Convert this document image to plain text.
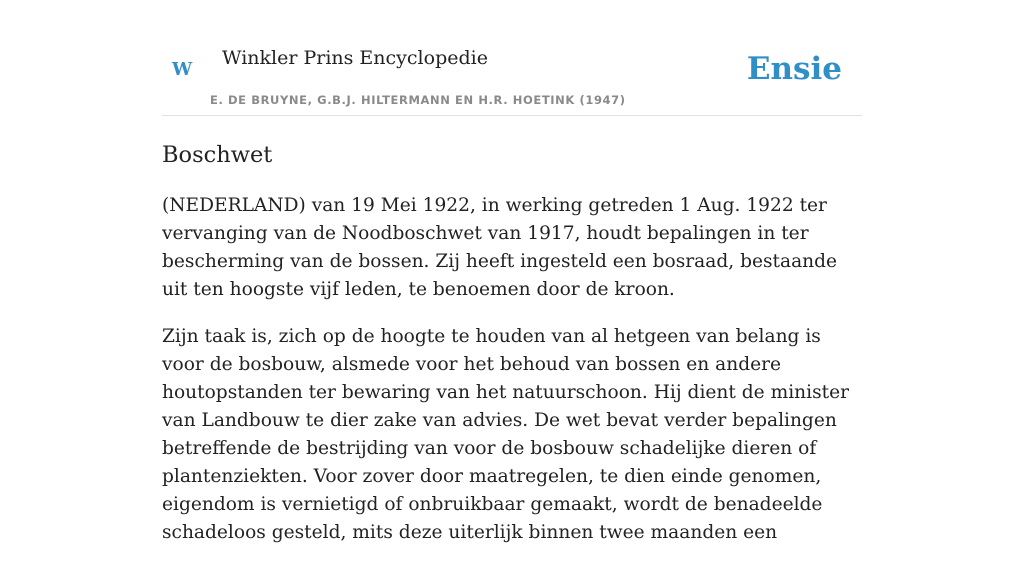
w Winkler Prins Encyclopedie
E. DE BRUYNE, G.B.J. HILTERMANN EN H.R. HOETINK (1947)
Ensie
Boschwet

(NEDERLAND) van 19 Mei 1922, in werking getreden 1 Aug. 1922 ter vervanging van de Noodboschwet van 1917, houdt bepalingen in ter bescherming van de bossen. Zij heeft ingesteld een bosraad, bestaande uit ten hoogste vijf leden, te benoemen door de kroon.

Zijn taak is, zich op de hoogte te houden van al hetgeen van belang is voor de bosbouw, alsmede voor het behoud van bossen en andere houtopstanden ter bewaring van het natuurschoon. Hij dient de minister van Landbouw te dier zake van advies. De wet bevat verder bepalingen betreffende de bestrijding van voor de bosbouw schadelijke dieren of plantenziekten. Voor zover door maatregelen, te dien einde genomen, eigendom is vernietigd of onbruikbaar gemaakt, wordt de benadeelde schadeloos gesteld, mits deze uiterlijk binnen twee maanden een
